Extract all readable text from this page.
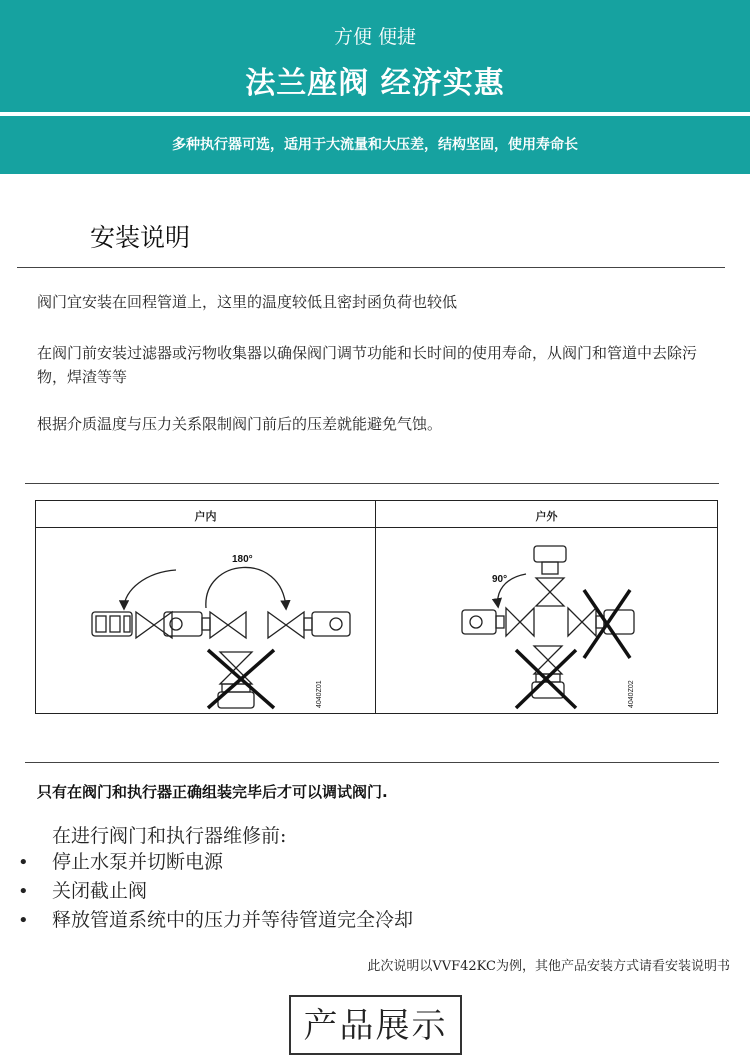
方便 便捷
法兰座阀 经济实惠
多种执行器可选，适用于大流量和大压差，结构坚固，使用寿命长
安装说明
阀门宜安装在回程管道上，这里的温度较低且密封函负荷也较低
在阀门前安装过滤器或污物收集器以确保阀门调节功能和长时间的使用寿命，从阀门和管道中去除污物，焊渣等等
根据介质温度与压力关系限制阀门前后的压差就能避免气蚀。
户内	户外
180°
90°
4040Z01	4040Z02
只有在阀门和执行器正确组装完毕后才可以调试阀门.
在进行阀门和执行器维修前:
• 停止水泵并切断电源
• 关闭截止阀
• 释放管道系统中的压力并等待管道完全冷却
此次说明以VVF42KC为例，其他产品安装方式请看安装说明书
产品展示
